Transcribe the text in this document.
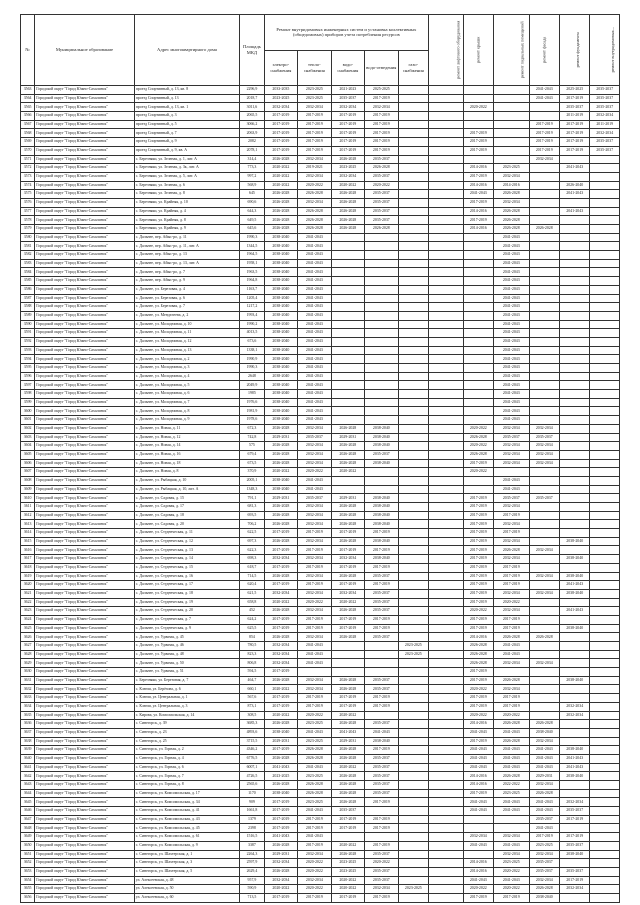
№	Муниципальное образование	Адрес многоквартирного дома	Площадь МКД	Ремонт внутридомовых инженерных систем и установка коллективных (общедомовых) приборов учета потребления ресурсов					ремонт лифтового оборудования	ремонт крыши	ремонт подвальных помещений	ремонт фасада	ремонт фундамента	ремонт внутридомовых...
				электро-снабжения	тепло-снабжения	водо-снабжения	водо-отведения	газо-снабжения						
3563	Городской округ "Город Южно-Сахалинск"	проезд Спортивный, д. 13, кв. 8	2296,9	2033-2035	2023-2025	2021-2023	2025-2025					2041-2043	2025-2025	2035-2037
3564	Городской округ "Город Южно-Сахалинск"	проезд Спортивный, д. 13	2018,7	2023-2025	2023-2025	2035-2037	2017-2019					2041-2043	2017-2019	2035-2037
3565	Городской округ "Город Южно-Сахалинск"	проезд Спортивный, д. 13, кв. 1	3011,6	2032-2034	2032-2034	2032-2034	2032-2034			2020-2022			2035-2037	2035-2037
3566	Городской округ "Город Южно-Сахалинск"	проезд Спортивный, д. 3	2065,5	2017-2019	2017-2019	2017-2019	2017-2019						2011-2019	2032-2034
3567	Городской округ "Город Южно-Сахалинск"	проезд Спортивный, д. 5	3066,2	2017-2019	2017-2019	2017-2019	2017-2019					2017-2019	2017-2019	2011-2019
3568	Городской округ "Город Южно-Сахалинск"	проезд Спортивный, д. 7	2063,9	2017-2019	2017-2019	2017-2019	2017-2019			2017-2019		2017-2019	2017-2019	2032-2034
3569	Городской округ "Город Южно-Сахалинск"	проезд Спортивный, д. 9	2082	2017-2019	2017-2019	2017-2019	2017-2019			2017-2019		2017-2019	2017-2019	2035-2037
3570	Городской округ "Город Южно-Сахалинск"	проезд Спортивный, д. 9, кв. А	2078,1	2017-2019	2017-2019	2017-2019	2017-2019			2017-2019		2017-2019	2017-2019	2035-2037
3571	Городской округ "Город Южно-Сахалинск"	с. Березняки, ул. Зеленая, д. 1, лит. А	314,4	2026-2028	2032-2034	2026-2028	2035-2037					2032-2034		
3572	Городской округ "Город Южно-Сахалинск"	с. Березняки, ул. Зеленая, д. 3к, лит. А	773,3	2020-2022	2019-2021	2023-2025	2026-2028			2014-2016	2023-2025		2041-2043	
3573	Городской округ "Город Южно-Сахалинск"	с. Березняки, ул. Зеленая, д. 5, лит. А	997,2	2020-2022	2032-2034	2032-2034	2035-2037			2017-2019	2032-2034			
3574	Городской округ "Город Южно-Сахалинск"	с. Березняки, ул. Зеленая, д. 6	568,9	2020-2022	2020-2022	2020-2022	2020-2022			2014-2016	2014-2016		2026-2040	
3575	Городской округ "Город Южно-Сахалинск"	с. Березняки, ул. Зеленая, д. 8	645	2026-2028	2026-2028	2026-2028	2035-2037			2041-2043	2026-2028		2041-2043	
3576	Городской округ "Город Южно-Сахалинск"	с. Березняки, ул. Крайняя, д. 10	690,6	2026-2028	2032-2034	2026-2028	2035-2037			2017-2019	2032-2034			
3577	Городской округ "Город Южно-Сахалинск"	с. Березняки, ул. Крайняя, д. 4	644,3	2026-2028	2026-2028	2026-2028	2035-2037			2014-2016	2026-2028		2041-2043	
3578	Городской округ "Город Южно-Сахалинск"	с. Березняки, ул. Крайняя, д. 8	649,5	2026-2028	2026-2028	2026-2028	2035-2037			2017-2019	2026-2028			
3579	Городской округ "Город Южно-Сахалинск"	с. Березняки, ул. Крайняя, д. 9	645,6	2026-2028	2026-2028	2026-2028	2026-2028			2014-2016	2026-2028	2026-2028		
3580	Городской округ "Город Южно-Сахалинск"	с. Дальнее, пер. Айыс-ро, д. 11	1990,3	2038-2040	2041-2043						2041-2043			
3581	Городской округ "Город Южно-Сахалинск"	с. Дальнее, пер. Айыс-ро, д. 11, лит. А	1344,5	2038-2040	2041-2043						2041-2043			
3582	Городской округ "Город Южно-Сахалинск"	с. Дальнее, пер. Айыс-ро, д. 13	1964,5	2038-2040	2041-2043						2041-2043			
3583	Городской округ "Город Южно-Сахалинск"	с. Дальнее, пер. Айыс-ро, д. 13, лит. А	1958,1	2038-2040	2041-2043						2041-2043			
3584	Городской округ "Город Южно-Сахалинск"	с. Дальнее, пер. Айыс-ро, д. 7	1963,5	2038-2040	2041-2043						2041-2043			
3585	Городской округ "Город Южно-Сахалинск"	с. Дальнее, пер. Айыс-ро, д. 9	1964,8	2038-2040	2041-2043						2041-2043			
3586	Городской округ "Город Южно-Сахалинск"	с. Дальнее, ул. Березовая, д. 4	1163,7	2038-2040	2041-2043						2041-2043			
3587	Городской округ "Город Южно-Сахалинск"	с. Дальнее, ул. Березовая, д. 6	1205,4	2038-2040	2041-2043						2041-2043			
3588	Городской округ "Город Южно-Сахалинск"	с. Дальнее, ул. Березовая, д. 7	1217,2	2038-2040	2041-2043						2041-2043			
3589	Городской округ "Город Южно-Сахалинск"	с. Дальнее, ул. Менделеева, д. 2	1993,4	2038-2040	2041-2043						2041-2043			
3590	Городской округ "Город Южно-Сахалинск"	с. Дальнее, ул. Молодежная, д. 10	1990,2	2038-2040	2041-2043						2041-2043			
3591	Городской округ "Город Южно-Сахалинск"	с. Дальнее, ул. Молодежная, д. 11	4013,5	2038-2040	2041-2043						2041-2043			
3592	Городской округ "Город Южно-Сахалинск"	с. Дальнее, ул. Молодежная, д. 12	673,6	2038-2040	2041-2043						2041-2043			
3593	Городской округ "Город Южно-Сахалинск"	с. Дальнее, ул. Молодежная, д. 13	1338,1	2038-2040	2041-2043						2041-2043			
3594	Городской округ "Город Южно-Сахалинск"	с. Дальнее, ул. Молодежная, д. 2	1990,9	2038-2040	2041-2043						2041-2043			
3595	Городской округ "Город Южно-Сахалинск"	с. Дальнее, ул. Молодежная, д. 3	1990,3	2038-2040	2041-2043						2041-2043			
3596	Городской округ "Город Южно-Сахалинск"	с. Дальнее, ул. Молодежная, д. 4	2648	2038-2040	2041-2043						2041-2043			
3597	Городской округ "Город Южно-Сахалинск"	с. Дальнее, ул. Молодежная, д. 5	2049,9	2038-2040	2041-2043						2041-2043			
3598	Городской округ "Город Южно-Сахалинск"	с. Дальнее, ул. Молодежная, д. 6	1985	2038-2040	2041-2043						2041-2043			
3599	Городской округ "Город Южно-Сахалинск"	с. Дальнее, ул. Молодежная, д. 7	1976,6	2038-2040	2041-2043						2041-2043			
3600	Городской округ "Город Южно-Сахалинск"	с. Дальнее, ул. Молодежная, д. 8	1981,9	2038-2040	2041-2043						2041-2043			
3601	Городской округ "Город Южно-Сахалинск"	с. Дальнее, ул. Молодежная, д. 9	1978,6	2038-2040	2041-2043						2041-2043			
3602	Городской округ "Город Южно-Сахалинск"	с. Дальнее, ул. Новая, д. 11	672,3	2026-2028	2032-2034	2026-2028	2038-2040			2020-2022	2032-2034	2032-2034		
3603	Городской округ "Город Южно-Сахалинск"	с. Дальнее, ул. Новая, д. 12	742,8	2029-2031	2035-2037	2029-2031	2038-2040			2026-2028	2035-2037	2035-2037		
3604	Городской округ "Город Южно-Сахалинск"	с. Дальнее, ул. Новая, д. 14	575	2026-2028	2032-2034	2026-2028	2038-2040			2020-2022	2032-2034	2032-2034		
3605	Городской округ "Город Южно-Сахалинск"	с. Дальнее, ул. Новая, д. 16	679,4	2026-2028	2032-2034	2026-2028	2035-2037			2026-2028	2032-2034	2032-2034		
3606	Городской округ "Город Южно-Сахалинск"	с. Дальнее, ул. Новая, д. 18	673,5	2026-2028	2032-2034	2026-2028	2038-2040			2017-2019	2032-2034	2032-2034		
3607	Городской округ "Город Южно-Сахалинск"	с. Дальнее, ул. Новая, д. 8	370,9	2020-2022	2020-2022	2020-2022				2020-2022				
3608	Городской округ "Город Южно-Сахалинск"	с. Дальнее, ул. Рыбацкая, д. 10	2005,1	2038-2040	2041-2043						2041-2043			
3609	Городской округ "Город Южно-Сахалинск"	с. Дальнее, ул. Рыбацкая, д. 10, лит. А	1348,3	2038-2040	2041-2043						2041-2043			
3610	Городской округ "Город Южно-Сахалинск"	с. Дальнее, ул. Садовая, д. 15	791,1	2029-2031	2035-2037	2029-2031	2038-2040			2017-2019	2035-2037	2035-2037		
3611	Городской округ "Город Южно-Сахалинск"	с. Дальнее, ул. Садовая, д. 17	681,3	2026-2028	2032-2034	2026-2028	2038-2040			2017-2019	2032-2034			
3612	Городской округ "Город Южно-Сахалинск"	с. Дальнее, ул. Садовая, д. 18	693,5	2026-2028	2032-2034	2026-2028	2038-2040			2017-2019	2017-2019			
3613	Городской округ "Город Южно-Сахалинск"	с. Дальнее, ул. Садовая, д. 20	706,2	2026-2028	2032-2034	2026-2028	2038-2040			2017-2019	2032-2034			
3614	Городской округ "Город Южно-Сахалинск"	с. Дальнее, ул. Студенческая, д. 11	622,5	2017-2019	2017-2019	2017-2019	2017-2019			2017-2019	2017-2019			
3615	Городской округ "Город Южно-Сахалинск"	с. Дальнее, ул. Студенческая, д. 12	697,3	2026-2028	2032-2034	2026-2028	2038-2040			2017-2019	2032-2034		2038-2040	
3616	Городской округ "Город Южно-Сахалинск"	с. Дальнее, ул. Студенческая, д. 13	622,3	2017-2019	2017-2019	2017-2019	2017-2019			2017-2019	2026-2028	2032-2034		
3617	Городской округ "Город Южно-Сахалинск"	с. Дальнее, ул. Студенческая, д. 14	698,3	2032-2034	2032-2034	2032-2034	2038-2040			2017-2019	2032-2034		2038-2040	
3618	Городской округ "Город Южно-Сахалинск"	с. Дальнее, ул. Студенческая, д. 15	618,7	2017-2019	2017-2019	2017-2019	2017-2019			2017-2019	2017-2019			
3619	Городской округ "Город Южно-Сахалинск"	с. Дальнее, ул. Студенческая, д. 16	714,5	2026-2028	2032-2034	2026-2028	2035-2037			2017-2019	2017-2019	2032-2034	2038-2040	
3620	Городской округ "Город Южно-Сахалинск"	с. Дальнее, ул. Студенческая, д. 17	620,4	2017-2019	2017-2019	2017-2019	2017-2019			2017-2019	2017-2019		2041-2043	
3621	Городской округ "Город Южно-Сахалинск"	с. Дальнее, ул. Студенческая, д. 18	621,5	2032-2034	2032-2034	2032-2034	2035-2037			2017-2019	2032-2034	2032-2034	2038-2040	
3622	Городской округ "Город Южно-Сахалинск"	с. Дальнее, ул. Студенческая, д. 19	658,8	2020-2022	2020-2022	2020-2022	2035-2037			2017-2019	2020-2022			
3623	Городской округ "Город Южно-Сахалинск"	с. Дальнее, ул. Студенческая, д. 20	452	2026-2028	2032-2034	2026-2028	2035-2037			2020-2022	2032-2034		2041-2043	
3624	Городской округ "Город Южно-Сахалинск"	с. Дальнее, ул. Студенческая, д. 7	624,2	2017-2019	2017-2019	2017-2019	2017-2019			2017-2019	2017-2019			
3625	Городской округ "Город Южно-Сахалинск"	с. Дальнее, ул. Студенческая, д. 9	625,5	2017-2019	2017-2019	2017-2019	2017-2019			2017-2019	2017-2019		2038-2040	
3626	Городской округ "Город Южно-Сахалинск"	с. Дальнее, ул. Удачная, д. 45	854	2026-2028	2032-2034	2026-2028	2035-2037			2014-2016	2026-2028	2026-2028		
3627	Городской округ "Город Южно-Сахалинск"	с. Дальнее, ул. Удачная, д. 46	780,5	2032-2034	2041-2043			2023-2025		2026-2028	2041-2043			
3628	Городской округ "Город Южно-Сахалинск"	с. Дальнее, ул. Удачная, д. 48	823,3	2032-2034	2041-2043			2023-2025		2026-2028	2041-2043			
3629	Городской округ "Город Южно-Сахалинск"	с. Дальнее, ул. Удачная, д. 50	806,8	2032-2034	2041-2043					2026-2028	2032-2034	2032-2034		
3630	Городской округ "Город Южно-Сахалинск"	с. Дальнее, ул. Удачная, д. 51	594,5	2017-2019						2017-2019				
3631	Городской округ "Город Южно-Сахалинск"	с. Березняки, ул. Березовая, д. 7	464,7	2026-2028	2032-2034	2026-2028	2035-2037			2017-2019	2026-2028		2038-2040	
3632	Городской округ "Город Южно-Сахалинск"	с. Ключи, ул. Берёзова, д. 6	660,1	2020-2022	2032-2034	2026-2028	2035-2037			2020-2022	2032-2034			
3633	Городской округ "Город Южно-Сахалинск"	с. Ключи, ул. Центральная, д. 1	567,6	2017-2019	2017-2019	2017-2019	2017-2019			2017-2019	2017-2019			
3634	Городской округ "Город Южно-Сахалинск"	с. Ключи, ул. Центральная, д. 3	873,1	2017-2019	2017-2019	2017-2019	2017-2019			2017-2019	2017-2019		2032-2034	
3635	Городской округ "Город Южно-Сахалинск"	с. Кирова, ул. Комсомольская, д. 14	308,5	2020-2022	2020-2022	2020-2022				2020-2022	2020-2022		2032-2034	
3636	Городской округ "Город Южно-Сахалинск"	с. Синегорск, д. 39	3685,3	2026-2028	2023-2025	2026-2028	2035-2037			2014-2016	2026-2028	2026-2028		
3637	Городской округ "Город Южно-Сахалинск"	с. Синегорск, д. 23	4893,6	2038-2040	2041-2043	2041-2043	2041-2043			2041-2043	2041-2043	2038-2040		
3638	Городской округ "Город Южно-Сахалинск"	с. Синегорск, д. 25	3715,5	2029-2031	2023-2025	2029-2031	2038-2040			2017-2019	2026-2028	2032-2034		
3639	Городской округ "Город Южно-Сахалинск"	с. Синегорск, ул. Горная, д. 2	4346,2	2017-2019	2026-2028	2026-2028	2017-2019			2041-2043	2041-2043	2041-2043	2038-2040	
3640	Городской округ "Город Южно-Сахалинск"	с. Синегорск, ул. Горная, д. 4	6776,5	2026-2028	2026-2028	2026-2028	2035-2037			2041-2043	2041-2043	2041-2043	2041-2043	
3641	Городской округ "Город Южно-Сахалинск"	с. Синегорск, ул. Горная, д. 6	6007,1	2041-2043	2041-2043	2020-2022	2035-2037			2041-2043	2041-2043	2041-2043	2041-2043	
3642	Городской округ "Город Южно-Сахалинск"	с. Синегорск, ул. Горная, д. 7	4726,5	2023-2025	2023-2025	2026-2028	2035-2037			2014-2016	2026-2028	2029-2031	2038-2040	
3643	Городской округ "Город Южно-Сахалинск"	с. Синегорск, ул. Горная, д. 8	2565,6	2026-2028	2026-2028	2026-2028	2035-2037			2014-2016	2022-2022	2032-2034		
3644	Городской округ "Город Южно-Сахалинск"	с. Синегорск, ул. Комсомольская, д. 17	1170	2038-2040	2026-2028	2026-2028	2035-2037			2017-2019	2023-2025	2026-2028		
3645	Городской округ "Город Южно-Сахалинск"	с. Синегорск, ул. Комсомольская, д. 34	909	2017-2019	2023-2025	2026-2028	2017-2019			2041-2043	2041-2043	2041-2043	2032-2034	
3646	Городской округ "Город Южно-Сахалинск"	с. Синегорск, ул. Комсомольская, д. 41	1661,8	2017-2019	2041-2043	2035-2037				2041-2043	2041-2043	2041-2043	2035-2037	
3647	Городской округ "Город Южно-Сахалинск"	с. Синегорск, ул. Комсомольская, д. 43	1379	2017-2019	2017-2019	2017-2019	2017-2019					2035-2037	2017-2019	
3648	Городской округ "Город Южно-Сахалинск"	с. Синегорск, ул. Комсомольская, д. 45	2398	2017-2019	2017-2019	2017-2019	2017-2019					2041-2043		
3649	Городской округ "Город Южно-Сахалинск"	с. Синегорск, ул. Комсомольская, д. 61	1516,5	2041-2043	2041-2043					2032-2034	2032-2034	2017-2019	2017-2019	
3650	Городской округ "Город Южно-Сахалинск"	с. Синегорск, ул. Комсомольская, д. 9	3387	2026-2028	2017-2019	2020-2022	2017-2019			2041-2043	2041-2043	2023-2025	2035-2037	
3651	Городской округ "Город Южно-Сахалинск"	с. Синегорск, ул. Шахтерская, д. 1	2264,3	2029-2031	2032-2034	2026-2028	2035-2037				2032-2034	2032-2034	2038-2040	
3652	Городской округ "Город Южно-Сахалинск"	с. Синегорск, ул. Шахтерская, д. 3	2597,9	2032-2034	2020-2022	2023-2025	2020-2022			2014-2016	2023-2025	2035-2037		
3653	Городской округ "Город Южно-Сахалинск"	с. Синегорск, ул. Шахтерская, д. 5	2629,4	2026-2028	2020-2022	2023-2025	2035-2037			2014-2016	2020-2022	2035-2037	2035-2037	
3654	Городской округ "Город Южно-Сахалинск"	ул. Алексеевская, д. 48	957,9	2032-2034	2032-2034	2020-2022	2035-2037			2041-2043	2041-2043	2032-2034	2017-2019	
3655	Городской округ "Город Южно-Сахалинск"	ул. Алексеевская, д. 50	590,9	2020-2022	2020-2022	2020-2022	2032-2034	2023-2025		2020-2022	2020-2022	2026-2028	2032-2034	
3656	Городской округ "Город Южно-Сахалинск"	ул. Алексеевская, д. 60	713,5	2017-2019	2017-2019	2017-2019	2017-2019			2017-2019	2017-2019	2038-2040		
